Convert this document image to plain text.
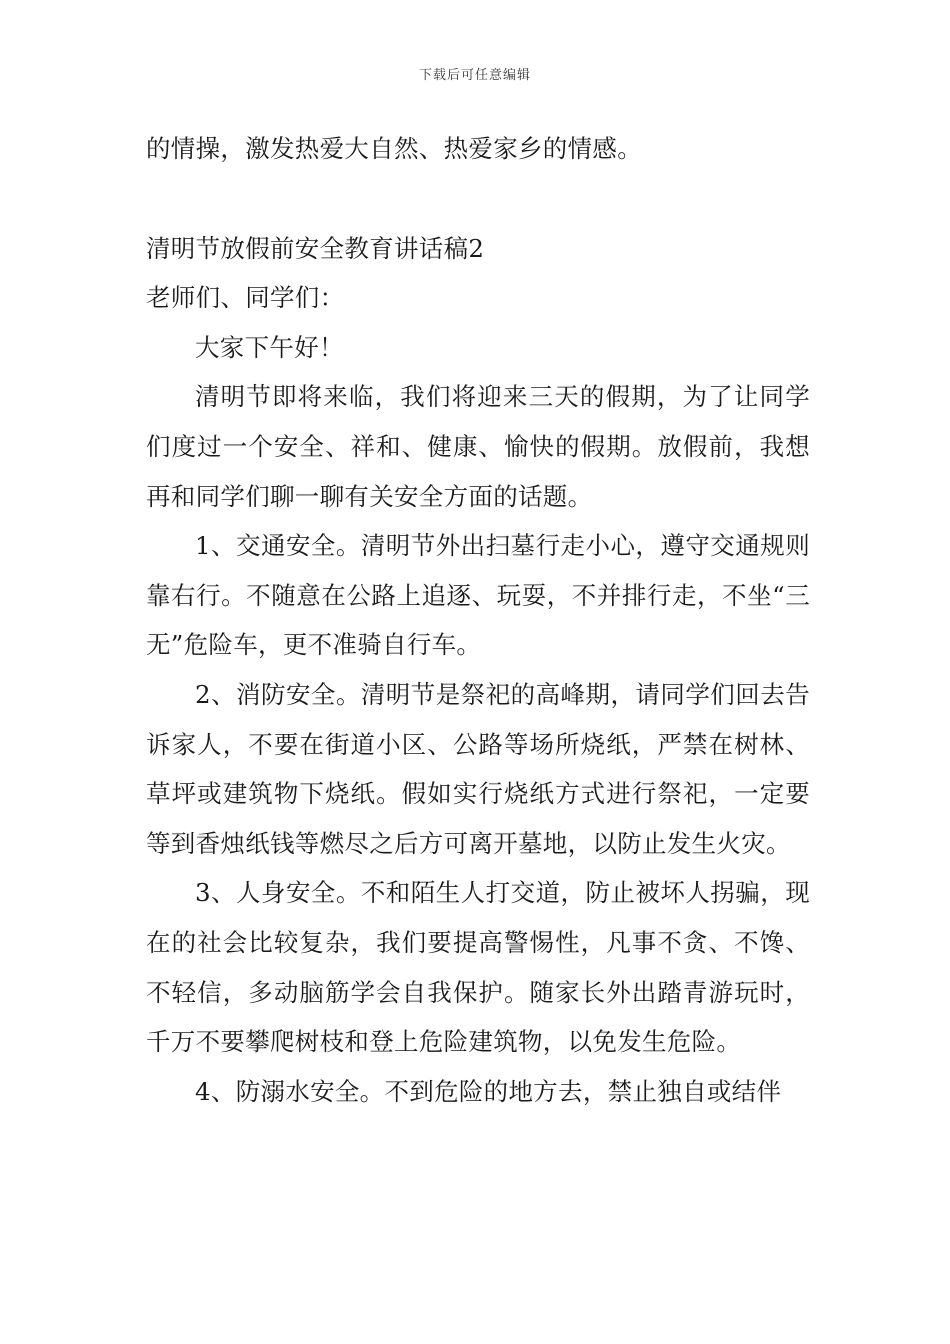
下载后可任意编辑

的情操，激发热爱大自然、热爱家乡的情感。

清明节放假前安全教育讲话稿2

老师们、同学们：

大家下午好！

清明节即将来临，我们将迎来三天的假期，为了让同学们度过一个安全、祥和、健康、愉快的假期。放假前，我想再和同学们聊一聊有关安全方面的话题。

1、交通安全。清明节外出扫墓行走小心，遵守交通规则靠右行。不随意在公路上追逐、玩耍，不并排行走，不坐“三无”危险车，更不准骑自行车。

2、消防安全。清明节是祭祀的高峰期，请同学们回去告诉家人，不要在街道小区、公路等场所烧纸，严禁在树林、草坪或建筑物下烧纸。假如实行烧纸方式进行祭祀，一定要等到香烛纸钱等燃尽之后方可离开墓地，以防止发生火灾。

3、人身安全。不和陌生人打交道，防止被坏人拐骗，现在的社会比较复杂，我们要提高警惕性，凡事不贪、不馋、不轻信，多动脑筋学会自我保护。随家长外出踏青游玩时，千万不要攀爬树枝和登上危险建筑物，以免发生危险。

4、防溺水安全。不到危险的地方去，禁止独自或结伴
